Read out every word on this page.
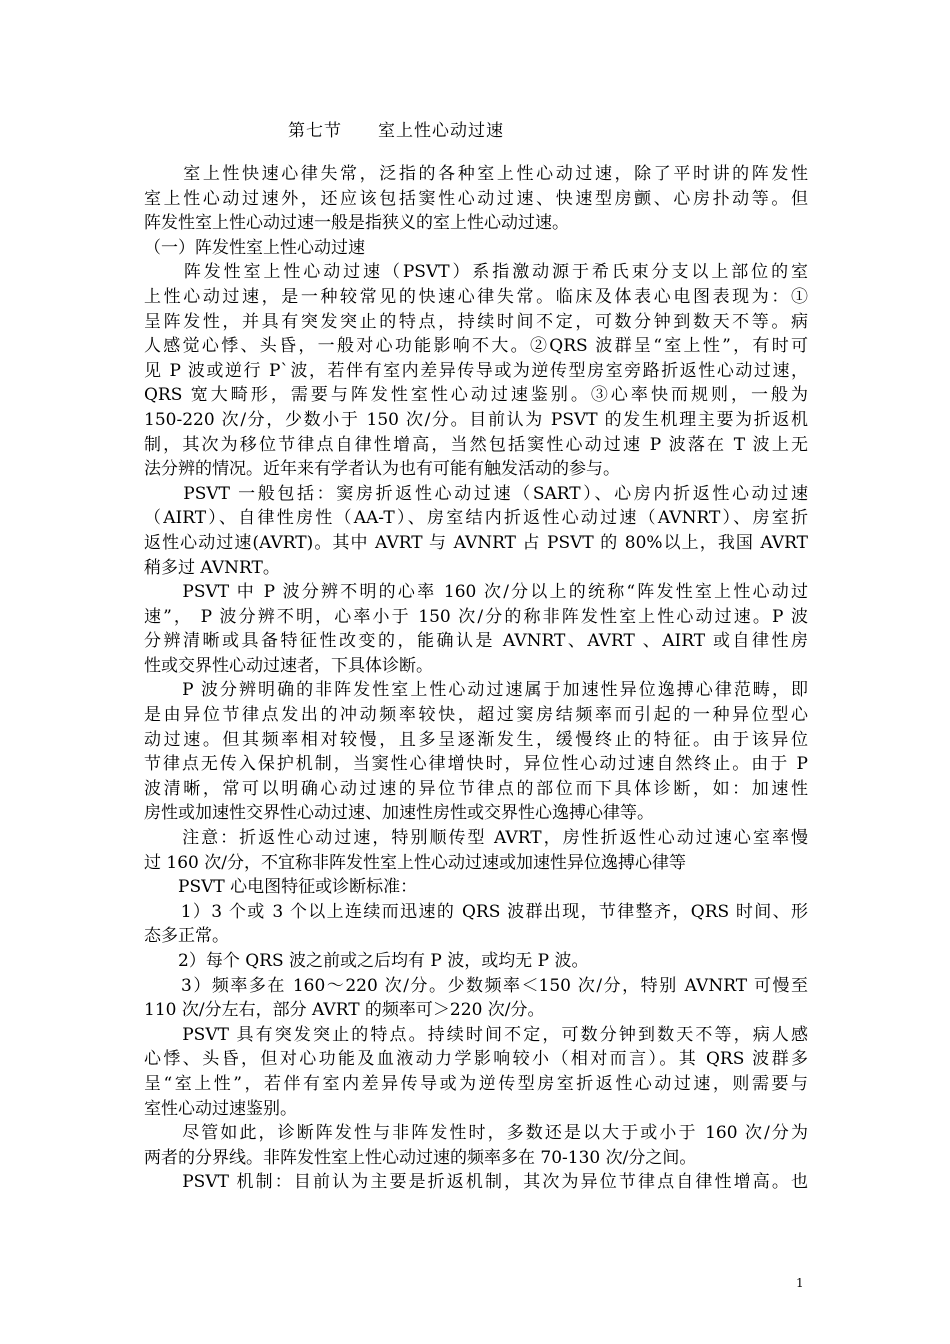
第七节　　室上性心动过速
　　室上性快速心律失常，泛指的各种室上性心动过速，除了平时讲的阵发性
室上性心动过速外，还应该包括窦性心动过速、快速型房颤、心房扑动等。但
阵发性室上性心动过速一般是指狭义的室上性心动过速。
（一）阵发性室上性心动过速
　　阵发性室上性心动过速（PSVT）系指激动源于希氏束分支以上部位的室
上性心动过速，是一种较常见的快速心律失常。临床及体表心电图表现为：①
呈阵发性，并具有突发突止的特点，持续时间不定，可数分钟到数天不等。病
人感觉心悸、头昏，一般对心功能影响不大。②QRS 波群呈“室上性”，有时可
见 P 波或逆行 P`波，若伴有室内差异传导或为逆传型房室旁路折返性心动过速，
QRS 宽大畸形，需要与阵发性室性心动过速鉴别。③心率快而规则，一般为
150-220 次/分，少数小于 150 次/分。目前认为 PSVT 的发生机理主要为折返机
制，其次为移位节律点自律性增高，当然包括窦性心动过速 P 波落在 T 波上无
法分辨的情况。近年来有学者认为也有可能有触发活动的参与。
　　PSVT 一般包括：窦房折返性心动过速（SART）、心房内折返性心动过速
（AIRT）、自律性房性（AA-T）、房室结内折返性心动过速（AVNRT）、房室折
返性心动过速(AVRT)。其中 AVRT 与 AVNRT 占 PSVT 的 80%以上，我国 AVRT
稍多过 AVNRT。
　　PSVT 中 P 波分辨不明的心率 160 次/分以上的统称“阵发性室上性心动过
速”， P 波分辨不明，心率小于 150 次/分的称非阵发性室上性心动过速。P 波
分辨清晰或具备特征性改变的，能确认是 AVNRT、AVRT 、AIRT 或自律性房
性或交界性心动过速者，下具体诊断。
　　P 波分辨明确的非阵发性室上性心动过速属于加速性异位逸搏心律范畴，即
是由异位节律点发出的冲动频率较快，超过窦房结频率而引起的一种异位型心
动过速。但其频率相对较慢，且多呈逐渐发生，缓慢终止的特征。由于该异位
节律点无传入保护机制，当窦性心律增快时，异位性心动过速自然终止。由于 P
波清晰，常可以明确心动过速的异位节律点的部位而下具体诊断，如：加速性
房性或加速性交界性心动过速、加速性房性或交界性心逸搏心律等。
　　注意：折返性心动过速，特别顺传型 AVRT，房性折返性心动过速心室率慢
过 160 次/分，不宜称非阵发性室上性心动过速或加速性异位逸搏心律等
　　PSVT 心电图特征或诊断标准：
　　1）3 个或 3 个以上连续而迅速的 QRS 波群出现，节律整齐，QRS 时间、形
态多正常。
　　2）每个 QRS 波之前或之后均有 P 波，或均无 P 波。
　　3）频率多在 160～220 次/分。少数频率＜150 次/分，特别 AVNRT 可慢至
110 次/分左右，部分 AVRT 的频率可＞220 次/分。
　　PSVT 具有突发突止的特点。持续时间不定，可数分钟到数天不等，病人感
心悸、头昏，但对心功能及血液动力学影响较小（相对而言）。其 QRS 波群多
呈“室上性”，若伴有室内差异传导或为逆传型房室折返性心动过速，则需要与
室性心动过速鉴别。
　　尽管如此，诊断阵发性与非阵发性时，多数还是以大于或小于 160 次/分为
两者的分界线。非阵发性室上性心动过速的频率多在 70-130 次/分之间。
　　PSVT 机制：目前认为主要是折返机制，其次为异位节律点自律性增高。也
1
